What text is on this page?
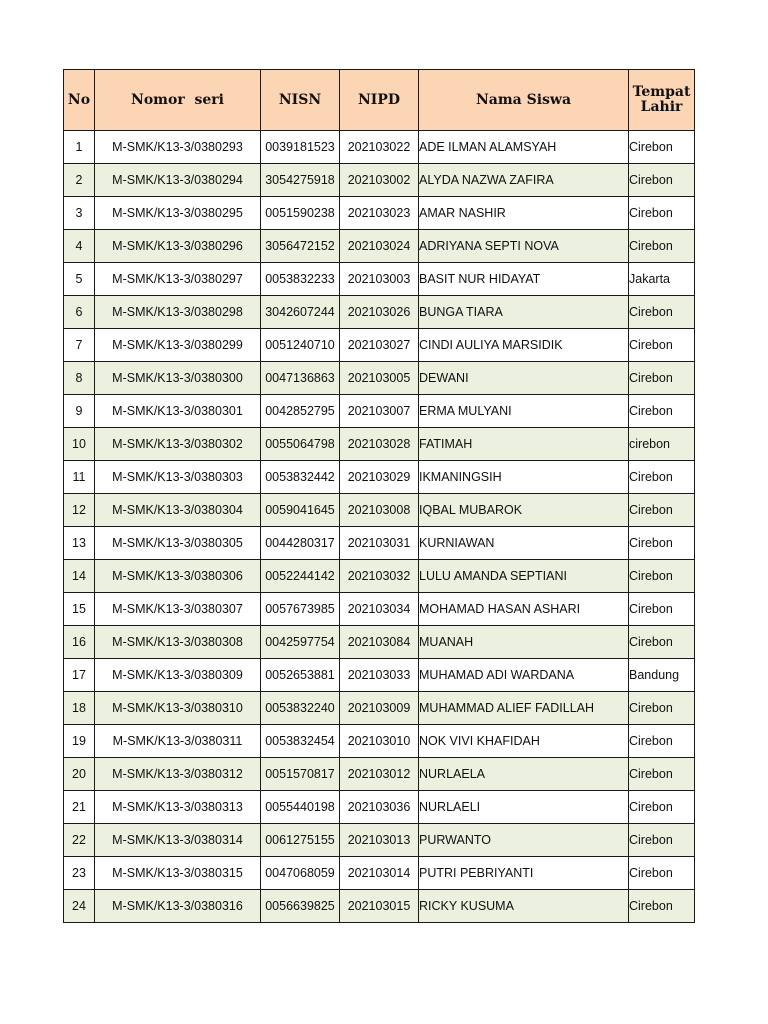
No	Nomor  seri	NISN	NIPD	Nama Siswa	Tempat Lahir
1	M-SMK/K13-3/0380293	0039181523	202103022	ADE ILMAN ALAMSYAH	Cirebon
2	M-SMK/K13-3/0380294	3054275918	202103002	ALYDA NAZWA ZAFIRA	Cirebon
3	M-SMK/K13-3/0380295	0051590238	202103023	AMAR NASHIR	Cirebon
4	M-SMK/K13-3/0380296	3056472152	202103024	ADRIYANA SEPTI NOVA	Cirebon
5	M-SMK/K13-3/0380297	0053832233	202103003	BASIT NUR HIDAYAT	Jakarta
6	M-SMK/K13-3/0380298	3042607244	202103026	BUNGA TIARA	Cirebon
7	M-SMK/K13-3/0380299	0051240710	202103027	CINDI AULIYA MARSIDIK	Cirebon
8	M-SMK/K13-3/0380300	0047136863	202103005	DEWANI	Cirebon
9	M-SMK/K13-3/0380301	0042852795	202103007	ERMA MULYANI	Cirebon
10	M-SMK/K13-3/0380302	0055064798	202103028	FATIMAH	cirebon
11	M-SMK/K13-3/0380303	0053832442	202103029	IKMANINGSIH	Cirebon
12	M-SMK/K13-3/0380304	0059041645	202103008	IQBAL MUBAROK	Cirebon
13	M-SMK/K13-3/0380305	0044280317	202103031	KURNIAWAN	Cirebon
14	M-SMK/K13-3/0380306	0052244142	202103032	LULU AMANDA SEPTIANI	Cirebon
15	M-SMK/K13-3/0380307	0057673985	202103034	MOHAMAD HASAN ASHARI	Cirebon
16	M-SMK/K13-3/0380308	0042597754	202103084	MUANAH	Cirebon
17	M-SMK/K13-3/0380309	0052653881	202103033	MUHAMAD ADI WARDANA	Bandung
18	M-SMK/K13-3/0380310	0053832240	202103009	MUHAMMAD ALIEF FADILLAH	Cirebon
19	M-SMK/K13-3/0380311	0053832454	202103010	NOK VIVI KHAFIDAH	Cirebon
20	M-SMK/K13-3/0380312	0051570817	202103012	NURLAELA	Cirebon
21	M-SMK/K13-3/0380313	0055440198	202103036	NURLAELI	Cirebon
22	M-SMK/K13-3/0380314	0061275155	202103013	PURWANTO	Cirebon
23	M-SMK/K13-3/0380315	0047068059	202103014	PUTRI PEBRIYANTI	Cirebon
24	M-SMK/K13-3/0380316	0056639825	202103015	RICKY KUSUMA	Cirebon
